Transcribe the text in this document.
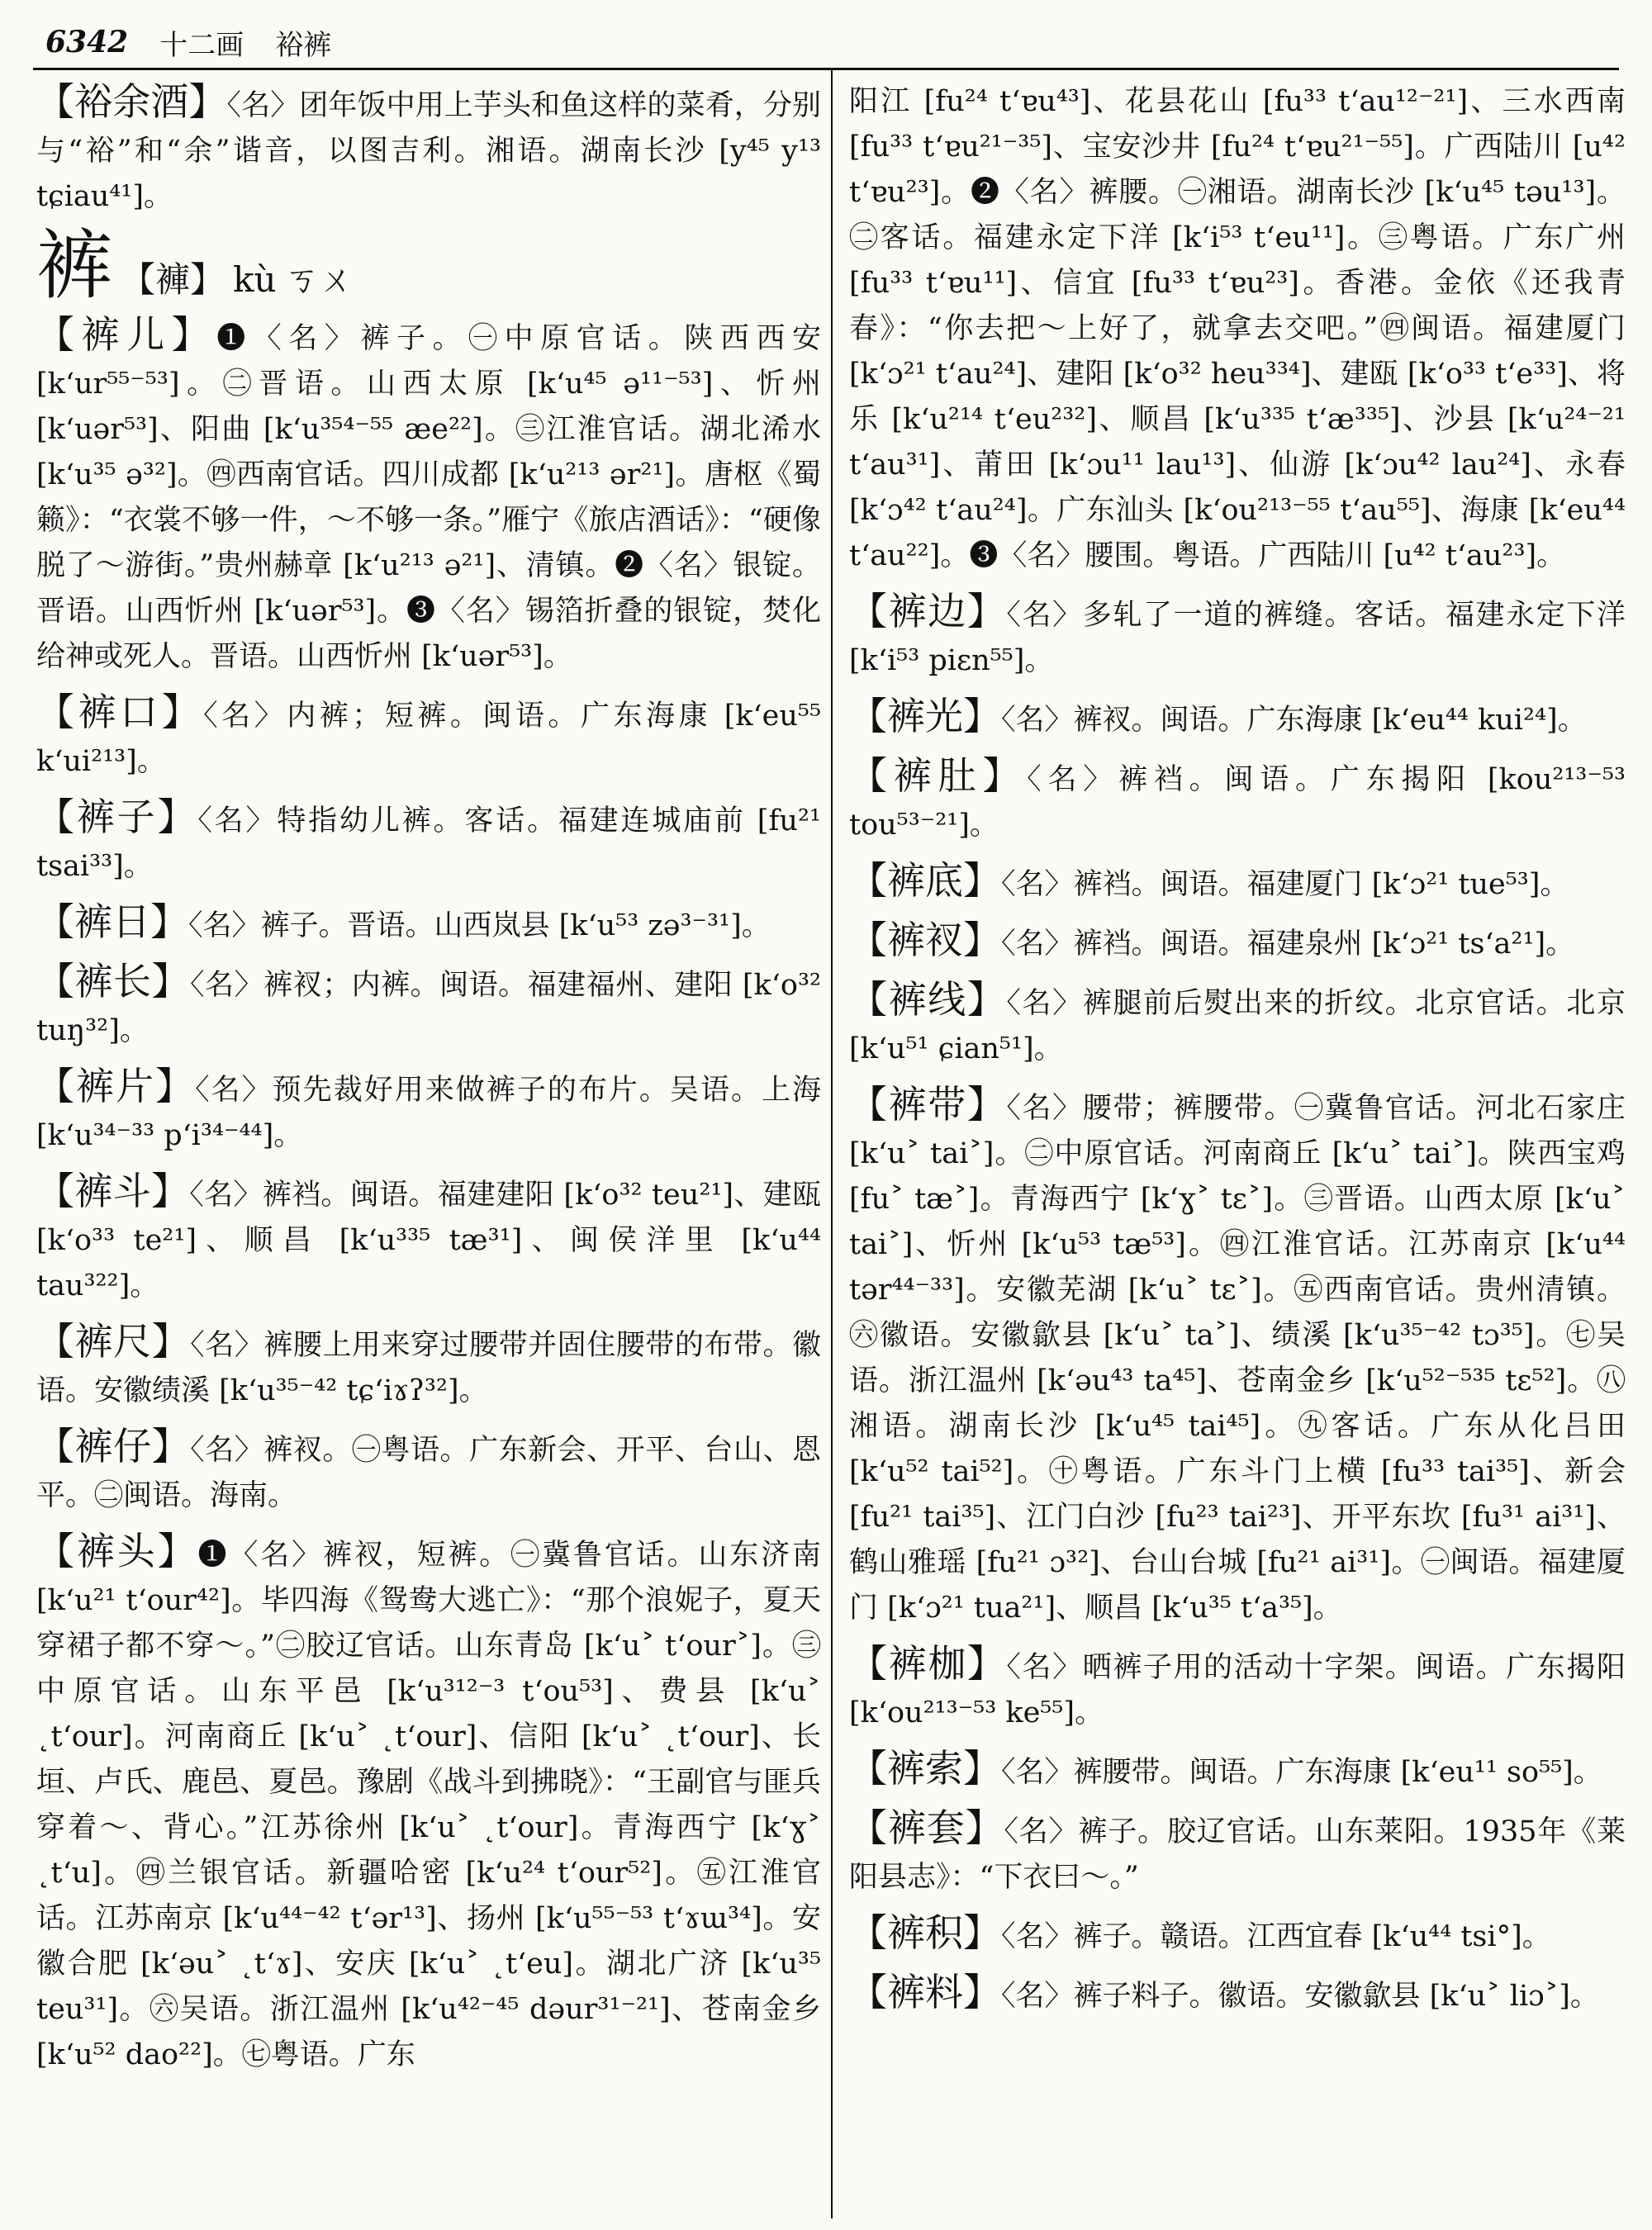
6342 十二画 裕裤

【裕余酒】〈名〉团年饭中用上芋头和鱼这样的菜肴，分别与“裕”和“余”谐音，以图吉利。湘语。湖南长沙 [y⁴⁵ y¹³ tɕiau⁴¹]。

裤 【褲】 kù ㄎㄨ

【裤儿】❶〈名〉裤子。㊀中原官话。陕西西安 [k‘ur⁵⁵⁻⁵³]。㊁晋语。山西太原 [k‘u⁴⁵ ə¹¹⁻⁵³]、忻州 [k‘uər⁵³]、阳曲 [k‘u³⁵⁴⁻⁵⁵ æe²²]。㊂江淮官话。湖北浠水 [k‘u³⁵ ə³²]。㊃西南官话。四川成都 [k‘u²¹³ ər²¹]。唐枢《蜀籁》：“衣裳不够一件，～不够一条。”雁宁《旅店酒话》：“硬像脱了～游街。”贵州赫章 [k‘u²¹³ ə²¹]、清镇。❷〈名〉银锭。晋语。山西忻州 [k‘uər⁵³]。❸〈名〉锡箔折叠的银锭，焚化给神或死人。晋语。山西忻州 [k‘uər⁵³]。

【裤口】〈名〉内裤；短裤。闽语。广东海康 [k‘eu⁵⁵ k‘ui²¹³]。

【裤子】〈名〉特指幼儿裤。客话。福建连城庙前 [fu²¹ tsai³³]。

【裤日】〈名〉裤子。晋语。山西岚县 [k‘u⁵³ zə³⁻³¹]。

【裤长】〈名〉裤衩；内裤。闽语。福建福州、建阳 [k‘o³² tuŋ³²]。

【裤片】〈名〉预先裁好用来做裤子的布片。吴语。上海 [k‘u³⁴⁻³³ p‘i³⁴⁻⁴⁴]。

【裤斗】〈名〉裤裆。闽语。福建建阳 [k‘o³² teu²¹]、建瓯 [k‘o³³ te²¹]、顺昌 [k‘u³³⁵ tæ³¹]、闽侯洋里 [k‘u⁴⁴ tau³²²]。

【裤尺】〈名〉裤腰上用来穿过腰带并固住腰带的布带。徽语。安徽绩溪 [k‘u³⁵⁻⁴² tɕ‘iɤʔ³²]。

【裤仔】〈名〉裤衩。㊀粤语。广东新会、开平、台山、恩平。㊁闽语。海南。

【裤头】❶〈名〉裤衩，短裤。㊀冀鲁官话。山东济南 [k‘u²¹ t‘our⁴²]。毕四海《鸳鸯大逃亡》：“那个浪妮子，夏天穿裙子都不穿～。”㊁胶辽官话。山东青岛 [k‘u˃ t‘our˃]。㊂中原官话。山东平邑 [k‘u³¹²⁻³ t‘ou⁵³]、费县 [k‘u˃ ˛t‘our]。河南商丘 [k‘u˃ ˛t‘our]、信阳 [k‘u˃ ˛t‘our]、长垣、卢氏、鹿邑、夏邑。豫剧《战斗到拂晓》：“王副官与匪兵穿着～、背心。”江苏徐州 [k‘u˃ ˛t‘our]。青海西宁 [k‘ɣ˃ ˛t‘u]。㊃兰银官话。新疆哈密 [k‘u²⁴ t‘our⁵²]。㊄江淮官话。江苏南京 [k‘u⁴⁴⁻⁴² t‘ər¹³]、扬州 [k‘u⁵⁵⁻⁵³ t‘ɤɯ³⁴]。安徽合肥 [k‘əu˃ ˛t‘ɤ]、安庆 [k‘u˃ ˛t‘eu]。湖北广济 [k‘u³⁵ teu³¹]。㊅吴语。浙江温州 [k‘u⁴²⁻⁴⁵ dəur³¹⁻²¹]、苍南金乡 [k‘u⁵² dao²²]。㊆粤语。广东

阳江 [fu²⁴ t‘ɐu⁴³]、花县花山 [fu³³ t‘au¹²⁻²¹]、三水西南 [fu³³ t‘ɐu²¹⁻³⁵]、宝安沙井 [fu²⁴ t‘ɐu²¹⁻⁵⁵]。广西陆川 [u⁴² t‘ɐu²³]。❷〈名〉裤腰。㊀湘语。湖南长沙 [k‘u⁴⁵ təu¹³]。㊁客话。福建永定下洋 [k‘i⁵³ t‘eu¹¹]。㊂粤语。广东广州 [fu³³ t‘ɐu¹¹]、信宜 [fu³³ t‘ɐu²³]。香港。金依《还我青春》：“你去把～上好了，就拿去交吧。”㊃闽语。福建厦门 [k‘ɔ²¹ t‘au²⁴]、建阳 [k‘o³² heu³³⁴]、建瓯 [k‘o³³ t‘e³³]、将乐 [k‘u²¹⁴ t‘eu²³²]、顺昌 [k‘u³³⁵ t‘æ³³⁵]、沙县 [k‘u²⁴⁻²¹ t‘au³¹]、莆田 [k‘ɔu¹¹ lau¹³]、仙游 [k‘ɔu⁴² lau²⁴]、永春 [k‘ɔ⁴² t‘au²⁴]。广东汕头 [k‘ou²¹³⁻⁵⁵ t‘au⁵⁵]、海康 [k‘eu⁴⁴ t‘au²²]。❸〈名〉腰围。粤语。广西陆川 [u⁴² t‘au²³]。

【裤边】〈名〉多轧了一道的裤缝。客话。福建永定下洋 [k‘i⁵³ piɛn⁵⁵]。

【裤光】〈名〉裤衩。闽语。广东海康 [k‘eu⁴⁴ kui²⁴]。

【裤肚】〈名〉裤裆。闽语。广东揭阳 [kou²¹³⁻⁵³ tou⁵³⁻²¹]。

【裤底】〈名〉裤裆。闽语。福建厦门 [k‘ɔ²¹ tue⁵³]。

【裤衩】〈名〉裤裆。闽语。福建泉州 [k‘ɔ²¹ ts‘a²¹]。

【裤线】〈名〉裤腿前后熨出来的折纹。北京官话。北京 [k‘u⁵¹ ɕian⁵¹]。

【裤带】〈名〉腰带；裤腰带。㊀冀鲁官话。河北石家庄 [k‘u˃ tai˃]。㊁中原官话。河南商丘 [k‘u˃ tai˃]。陕西宝鸡 [fu˃ tæ˃]。青海西宁 [k‘ɣ˃ tɛ˃]。㊂晋语。山西太原 [k‘u˃ tai˃]、忻州 [k‘u⁵³ tæ⁵³]。㊃江淮官话。江苏南京 [k‘u⁴⁴ tər⁴⁴⁻³³]。安徽芜湖 [k‘u˃ tɛ˃]。㊄西南官话。贵州清镇。㊅徽语。安徽歙县 [k‘u˃ ta˃]、绩溪 [k‘u³⁵⁻⁴² tɔ³⁵]。㊆吴语。浙江温州 [k‘əu⁴³ ta⁴⁵]、苍南金乡 [k‘u⁵²⁻⁵³⁵ tɛ⁵²]。㊇湘语。湖南长沙 [k‘u⁴⁵ tai⁴⁵]。㊈客话。广东从化吕田 [k‘u⁵² tai⁵²]。㊉粤语。广东斗门上横 [fu³³ tai³⁵]、新会 [fu²¹ tai³⁵]、江门白沙 [fu²³ tai²³]、开平东坎 [fu³¹ ai³¹]、鹤山雅瑶 [fu²¹ ɔ³²]、台山台城 [fu²¹ ai³¹]。㊀闽语。福建厦门 [k‘ɔ²¹ tua²¹]、顺昌 [k‘u³⁵ t‘a³⁵]。

【裤枷】〈名〉晒裤子用的活动十字架。闽语。广东揭阳 [k‘ou²¹³⁻⁵³ ke⁵⁵]。

【裤索】〈名〉裤腰带。闽语。广东海康 [k‘eu¹¹ so⁵⁵]。

【裤套】〈名〉裤子。胶辽官话。山东莱阳。1935年《莱阳县志》：“下衣曰～。”

【裤积】〈名〉裤子。赣语。江西宜春 [k‘u⁴⁴ tsi°]。

【裤料】〈名〉裤子料子。徽语。安徽歙县 [k‘u˃ liɔ˃]。
